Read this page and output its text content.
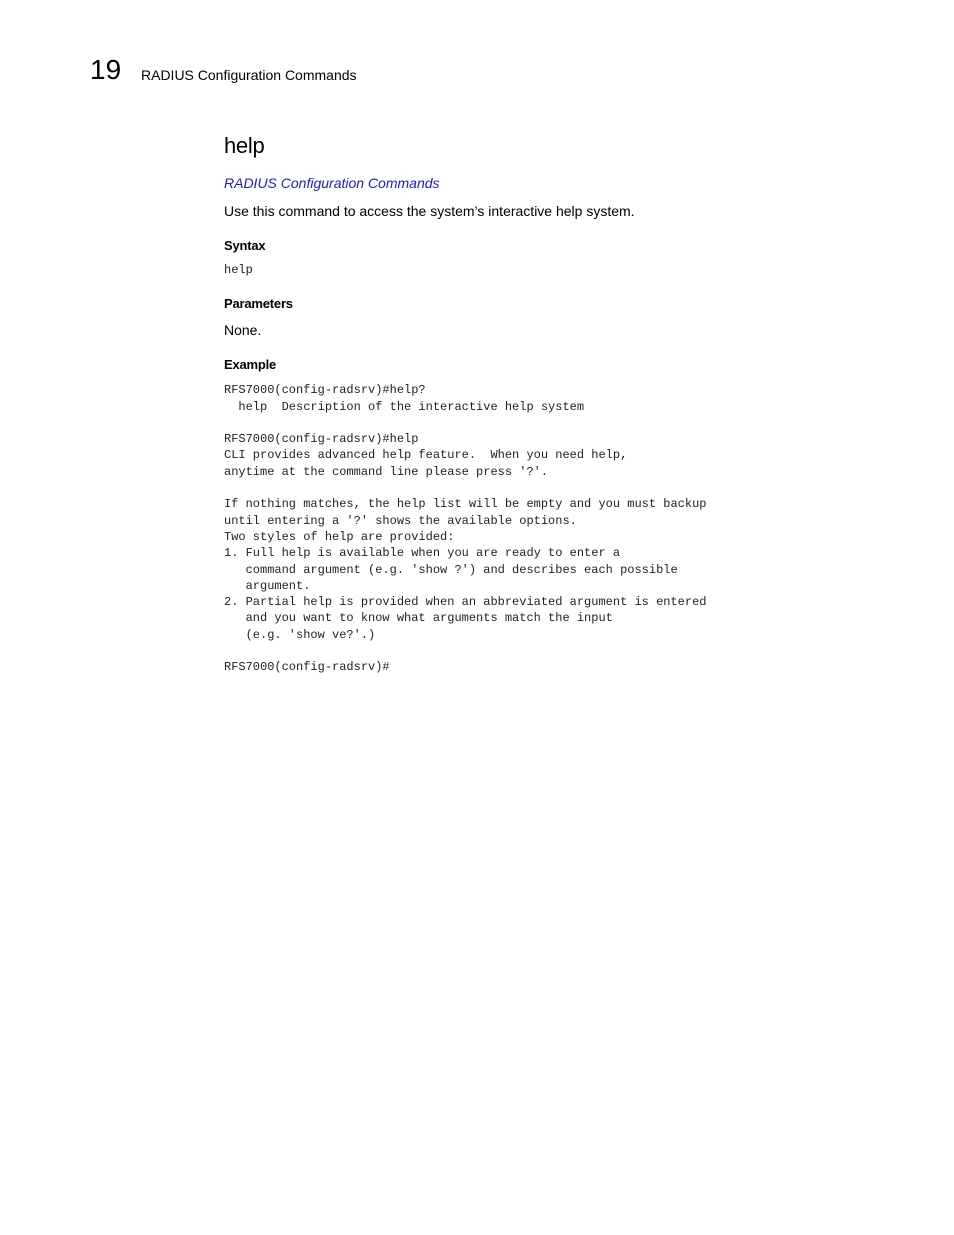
19 RADIUS Configuration Commands
help
RADIUS Configuration Commands
Use this command to access the system’s interactive help system.
Syntax
help
Parameters
None.
Example
RFS7000(config-radsrv)#help?
help  Description of the interactive help system

RFS7000(config-radsrv)#help
CLI provides advanced help feature.  When you need help,
anytime at the command line please press '?'.

If nothing matches, the help list will be empty and you must backup
until entering a '?' shows the available options.
Two styles of help are provided:
1. Full help is available when you are ready to enter a
command argument (e.g. 'show ?') and describes each possible
argument.
2. Partial help is provided when an abbreviated argument is entered
and you want to know what arguments match the input
(e.g. 'show ve?'.)

RFS7000(config-radsrv)#
